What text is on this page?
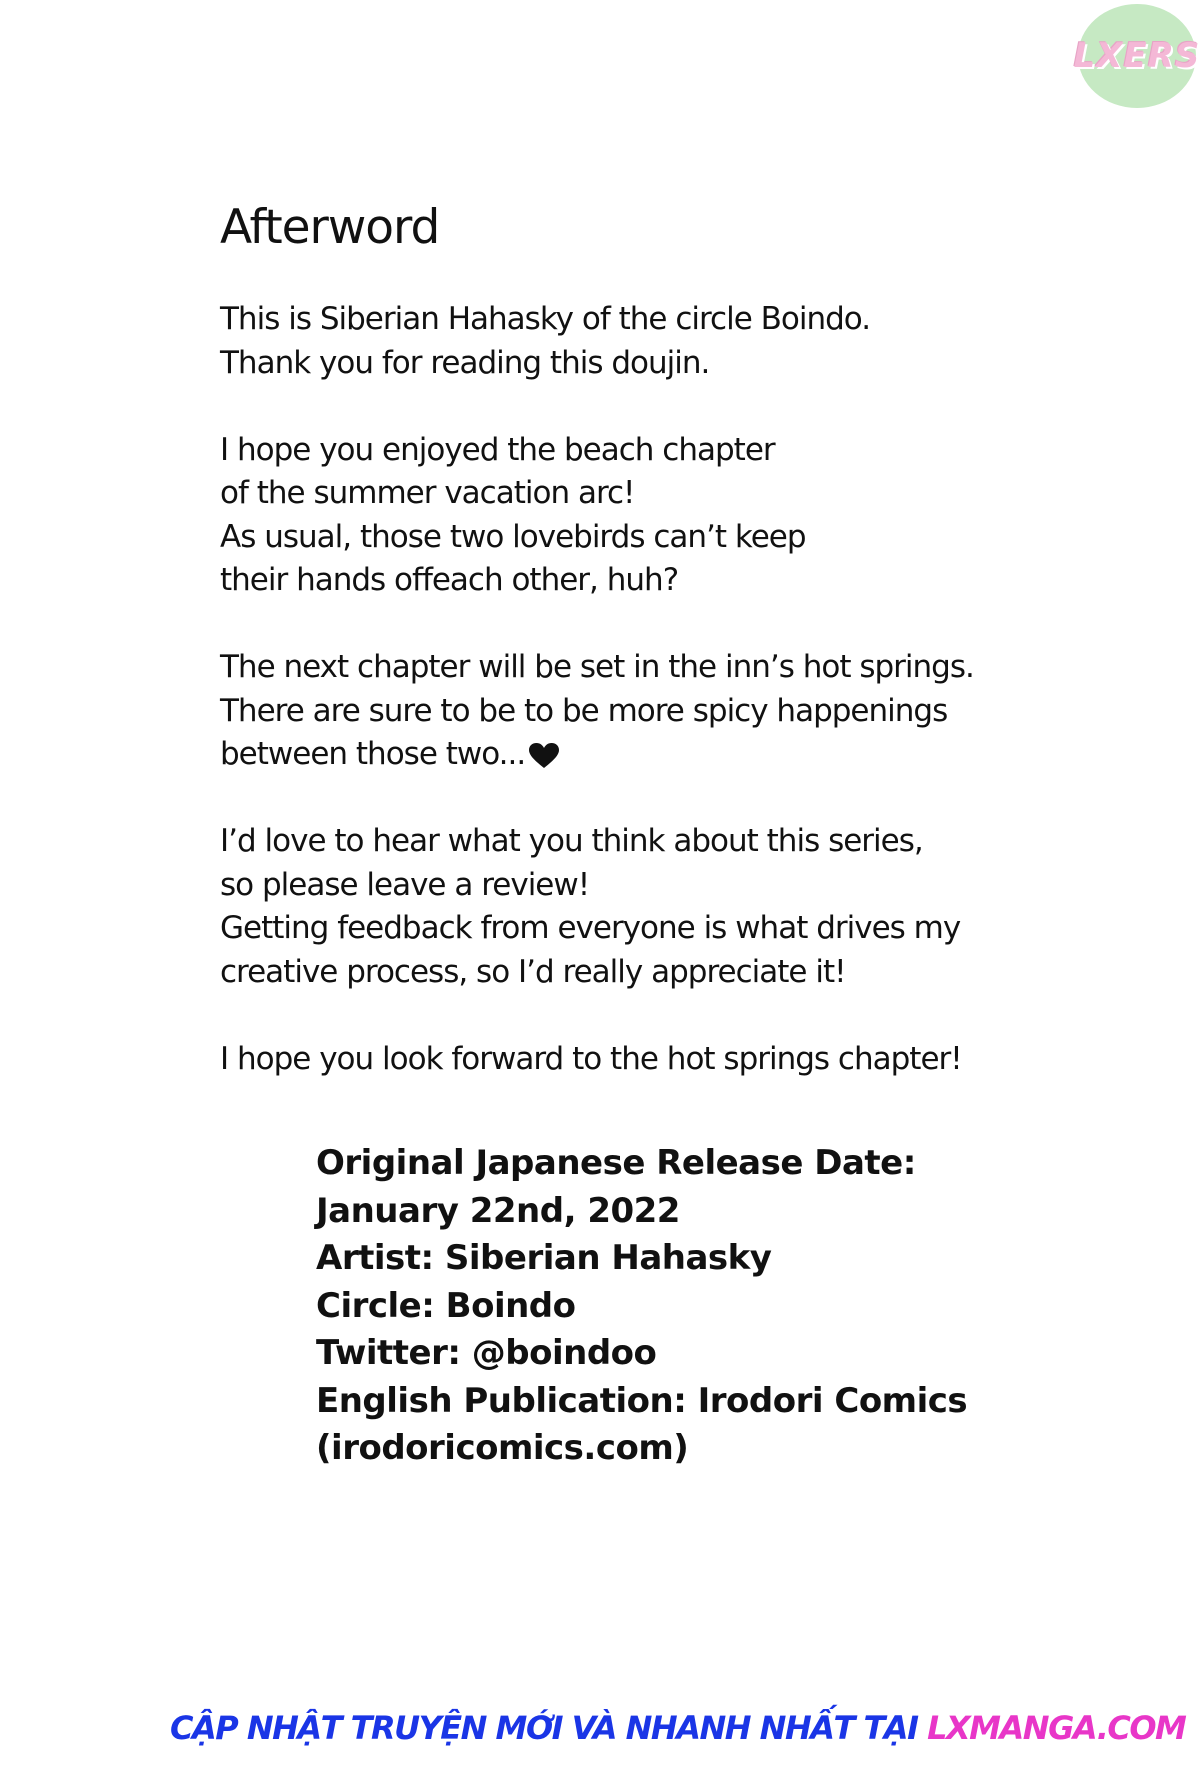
LXERS
Afterword

This is Siberian Hahasky of the circle Boindo.
Thank you for reading this doujin.

I hope you enjoyed the beach chapter
of the summer vacation arc!
As usual, those two lovebirds can’t keep
their hands offeach other, huh?

The next chapter will be set in the inn’s hot springs.
There are sure to be to be more spicy happenings
between those two...

I’d love to hear what you think about this series,
so please leave a review!
Getting feedback from everyone is what drives my
creative process, so I’d really appreciate it!

I hope you look forward to the hot springs chapter!

Original Japanese Release Date:
January 22nd, 2022
Artist: Siberian Hahasky
Circle: Boindo
Twitter: @boindoo
English Publication: Irodori Comics
(irodoricomics.com)
CẬP NHẬT TRUYỆN MỚI VÀ NHANH NHẤT TẠI LXMANGA.COM
